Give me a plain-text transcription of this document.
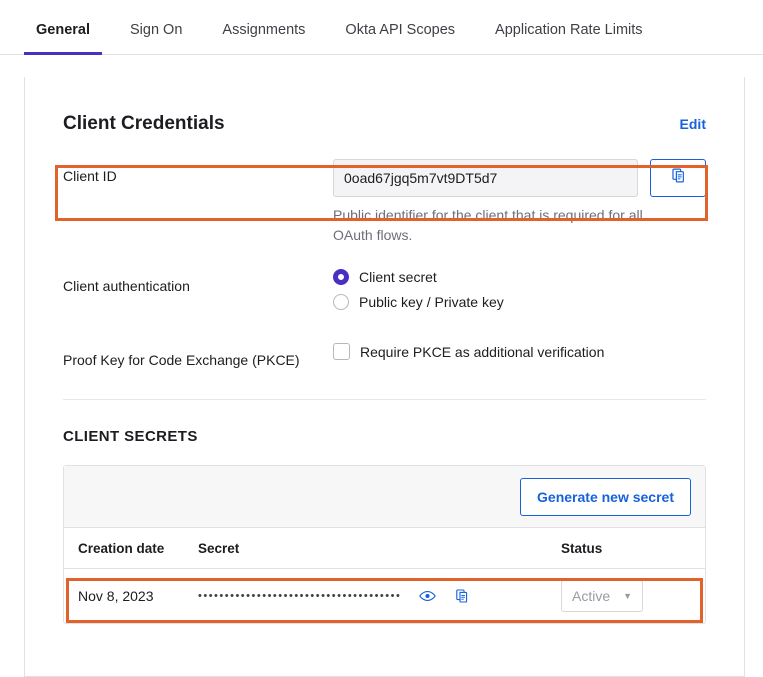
General	Sign On	Assignments	Okta API Scopes	Application Rate Limits
Client Credentials	Edit
Client ID	0oad67jgq5m7vt9DT5d7
Public identifier for the client that is required for all OAuth flows.
Client authentication
Client secret
Public key / Private key
Proof Key for Code Exchange (PKCE)
Require PKCE as additional verification
CLIENT SECRETS
Generate new secret
Creation date	Secret	Status
Nov 8, 2023	••••••••••••••••••••••••••••••••••••••	Active ▼
